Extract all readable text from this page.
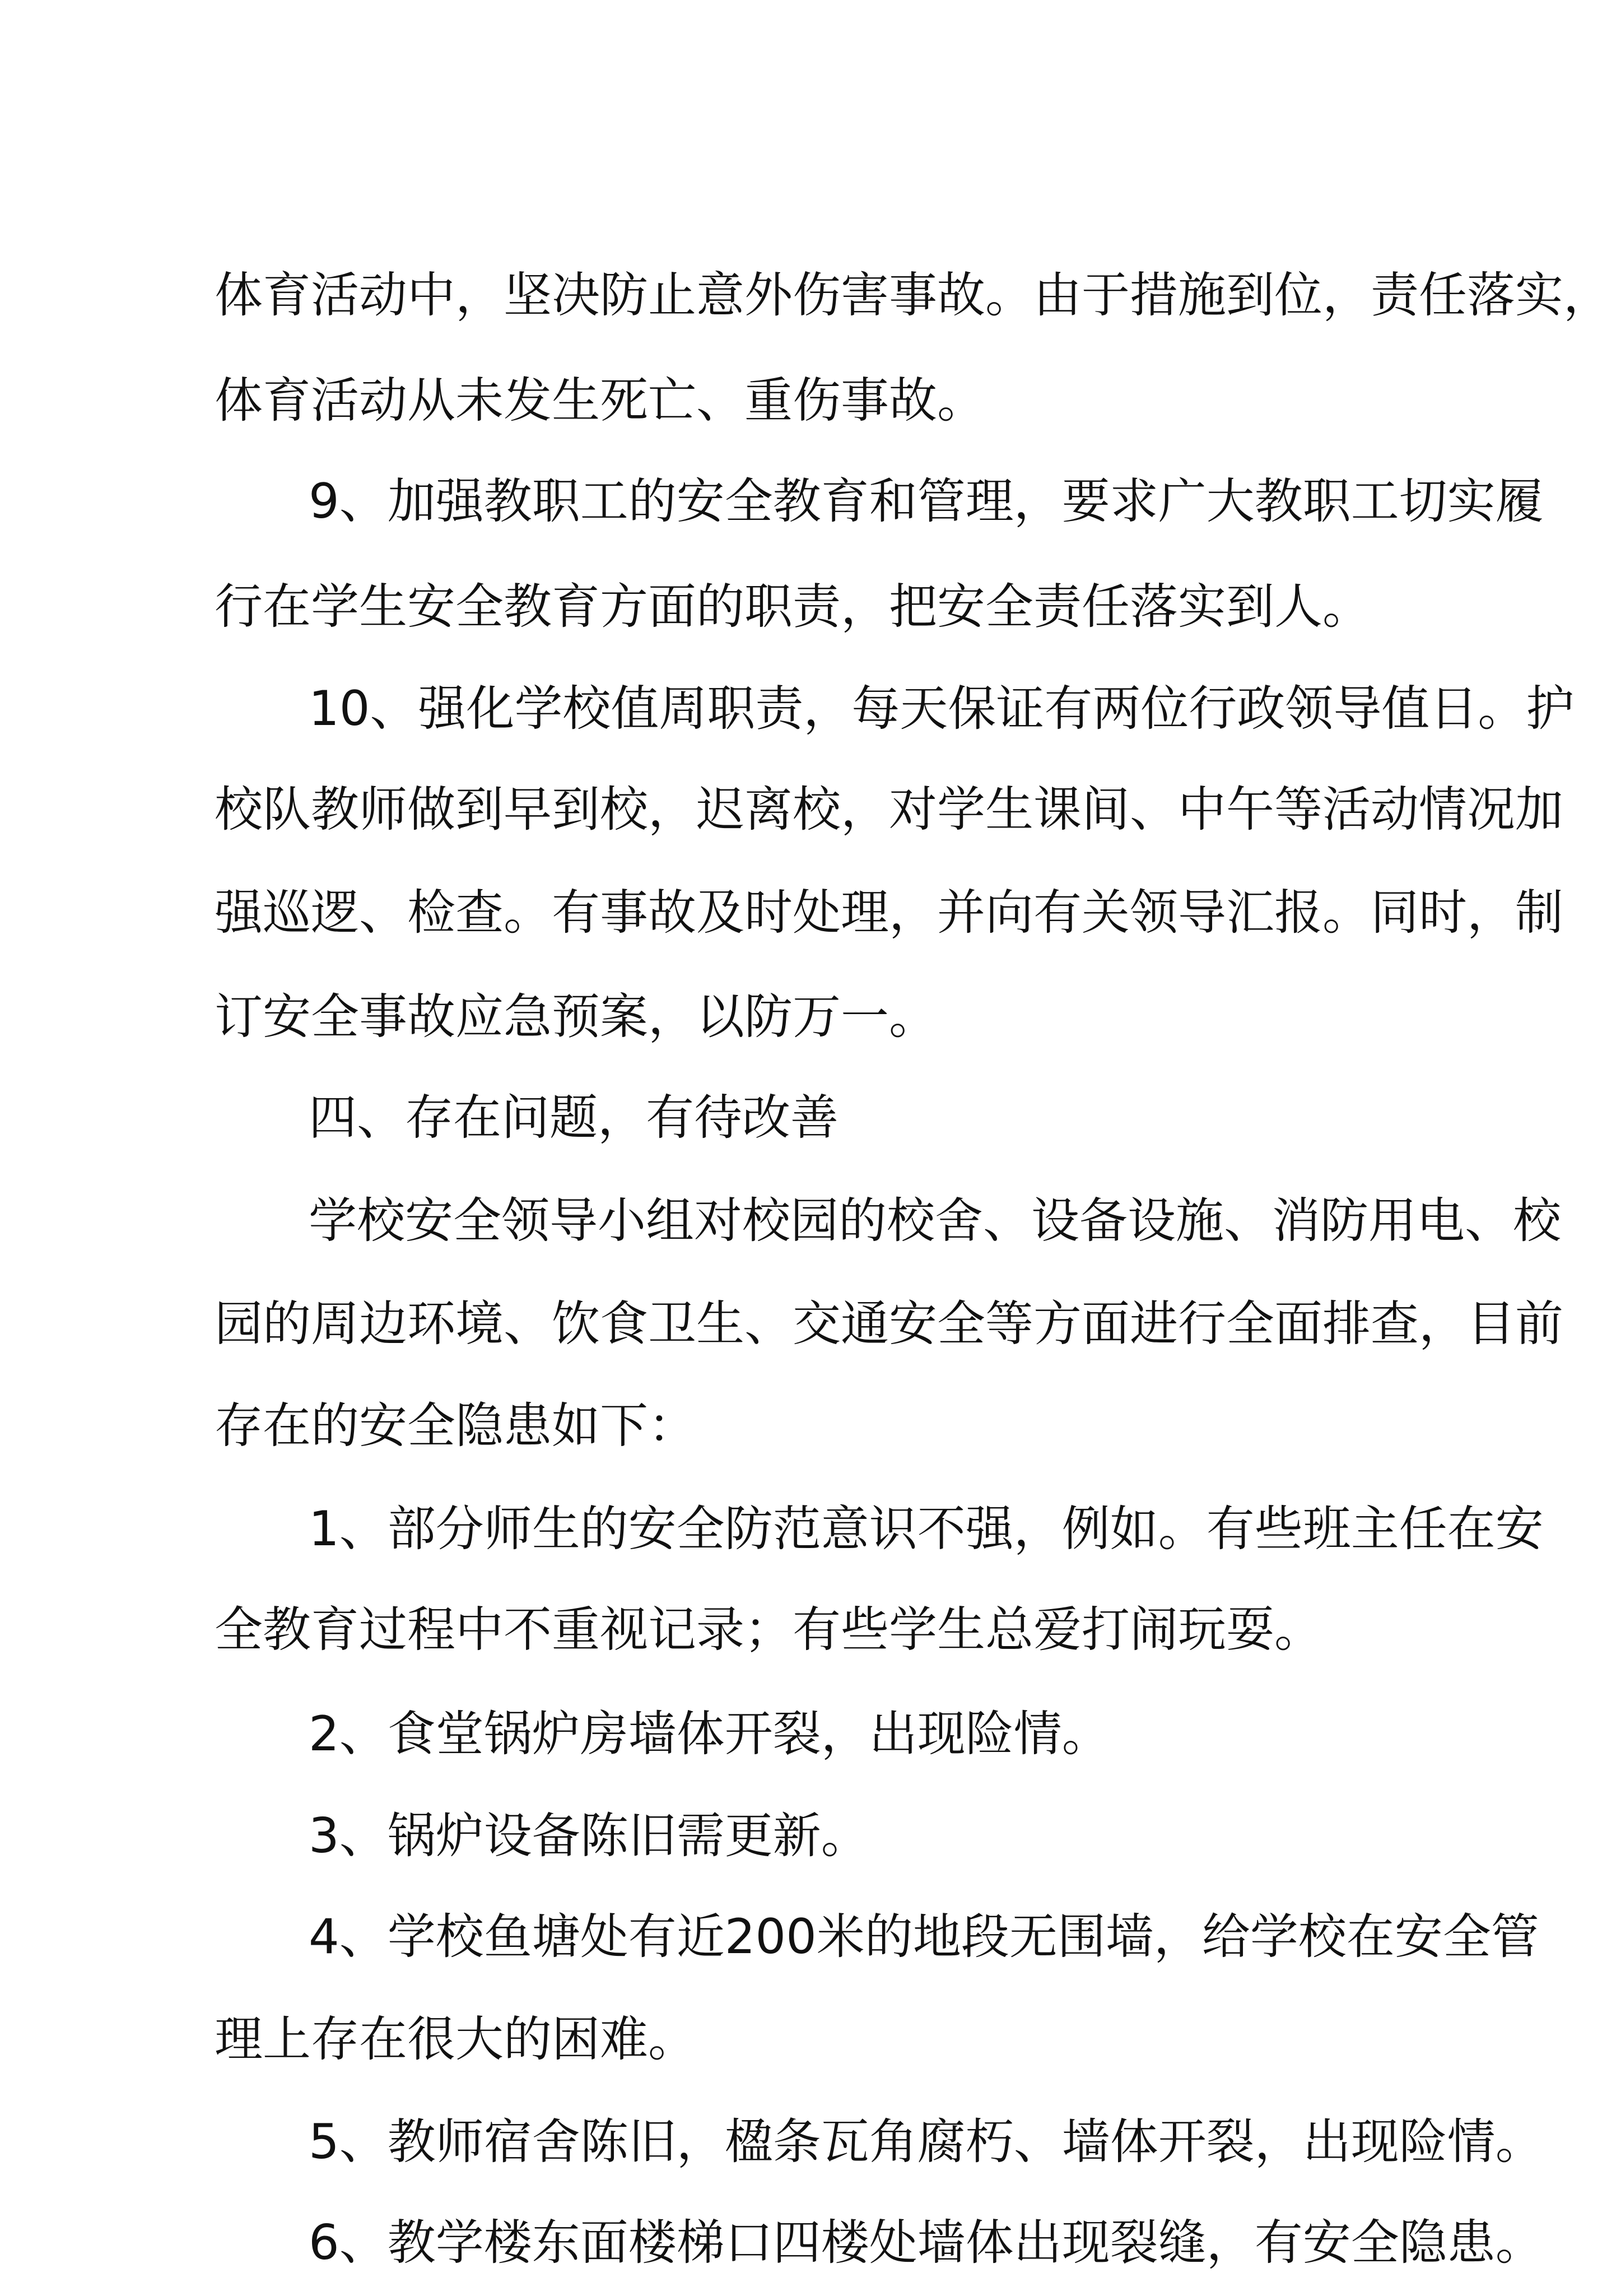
体育活动中，坚决防止意外伤害事故。由于措施到位，责任落实，
体育活动从未发生死亡、重伤事故。
9、加强教职工的安全教育和管理，要求广大教职工切实履
行在学生安全教育方面的职责，把安全责任落实到人。
10、强化学校值周职责，每天保证有两位行政领导值日。护
校队教师做到早到校，迟离校，对学生课间、中午等活动情况加
强巡逻、检查。有事故及时处理，并向有关领导汇报。同时，制
订安全事故应急预案，以防万一。
四、存在问题，有待改善
学校安全领导小组对校园的校舍、设备设施、消防用电、校
园的周边环境、饮食卫生、交通安全等方面进行全面排查，目前
存在的安全隐患如下：
1、部分师生的安全防范意识不强，例如。有些班主任在安
全教育过程中不重视记录；有些学生总爱打闹玩耍。
2、食堂锅炉房墙体开裂，出现险情。
3、锅炉设备陈旧需更新。
4、学校鱼塘处有近200米的地段无围墙，给学校在安全管
理上存在很大的困难。
5、教师宿舍陈旧，楹条瓦角腐朽、墙体开裂，出现险情。
6、教学楼东面楼梯口四楼处墙体出现裂缝，有安全隐患。
